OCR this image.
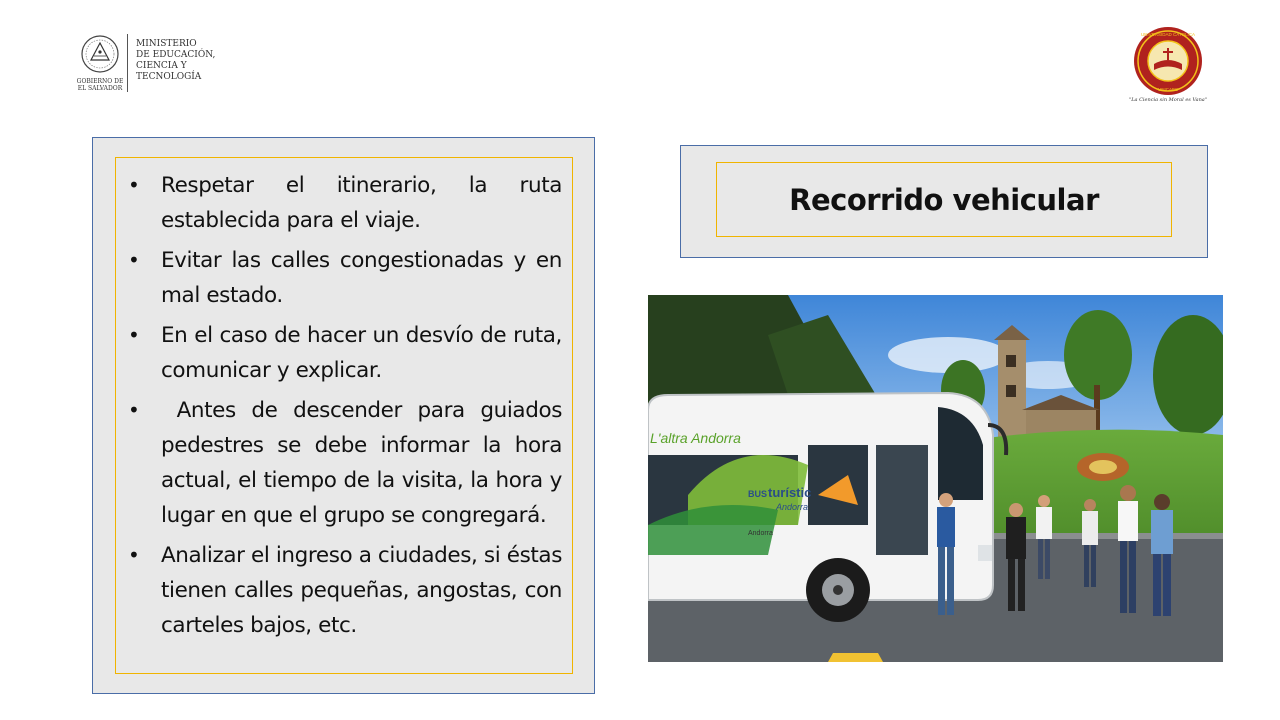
GOBIERNO DE
EL SALVADOR
MINISTERIO
DE EDUCACIÓN,
CIENCIA Y
TECNOLOGÍA
UNIVERSIDAD CATOLICA
UNICAES
"La Ciencia sin Moral es Vana"
• Respetar el itinerario, la ruta establecida para el viaje.
• Evitar las calles congestionadas y en mal estado.
• En el caso de hacer un desvío de ruta, comunicar y explicar.
•  Antes de descender para guiados pedestres se debe informar la hora actual, el tiempo de la visita, la hora y lugar en que el grupo se congregará.
• Analizar el ingreso a ciudades, si éstas tienen calles pequeñas, angostas, con carteles bajos, etc.
Recorrido vehicular
L'altra Andorra
BUS turístic
Andorra
Andorra
